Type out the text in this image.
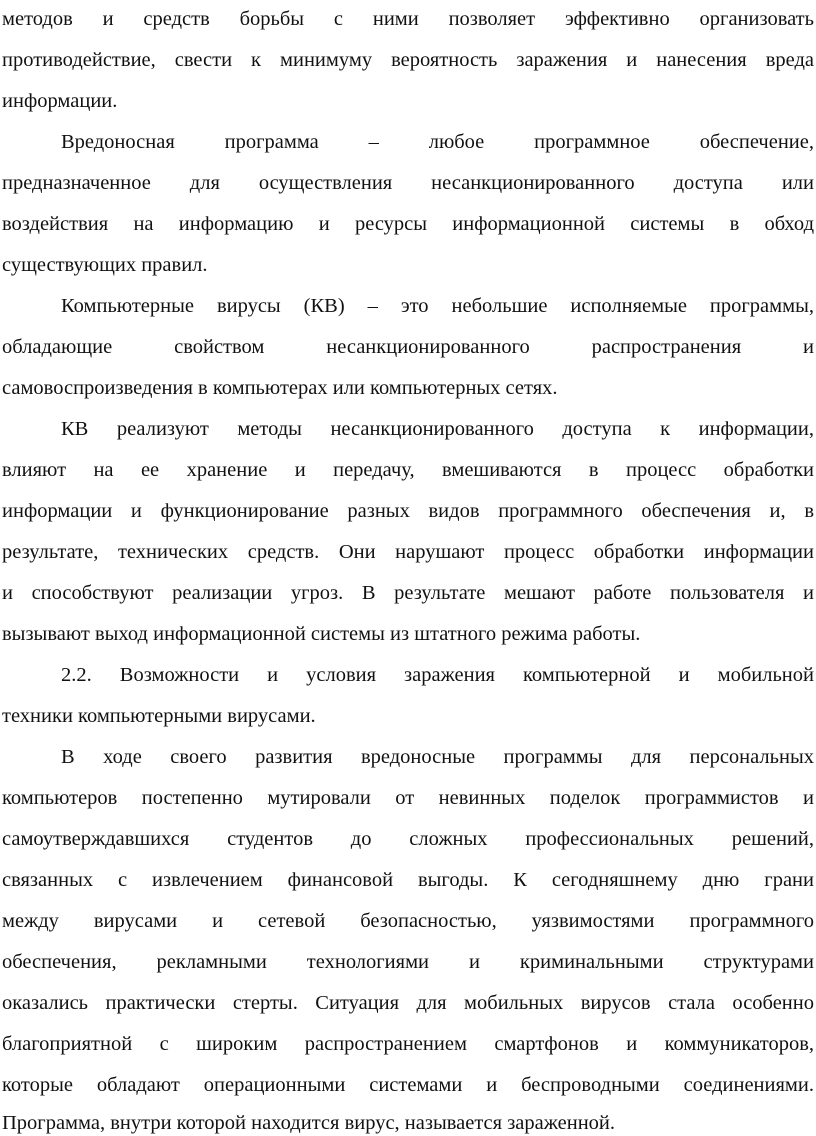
методов и средств борьбы с ними позволяет эффективно организовать
противодействие, свести к минимуму вероятность заражения и нанесения вреда
информации.
Вредоносная программа – любое программное обеспечение,
предназначенное для осуществления несанкционированного доступа или
воздействия на информацию и ресурсы информационной системы в обход
существующих правил.
Компьютерные вирусы (КВ) – это небольшие исполняемые программы,
обладающие свойством несанкционированного распространения и
самовоспроизведения в компьютерах или компьютерных сетях.
КВ реализуют методы несанкционированного доступа к информации,
влияют на ее хранение и передачу, вмешиваются в процесс обработки
информации и функционирование разных видов программного обеспечения и, в
результате, технических средств. Они нарушают процесс обработки информации
и способствуют реализации угроз. В результате мешают работе пользователя и
вызывают выход информационной системы из штатного режима работы.
2.2. Возможности и условия заражения компьютерной и мобильной
техники компьютерными вирусами.
В ходе своего развития вредоносные программы для персональных
компьютеров постепенно мутировали от невинных поделок программистов и
самоутверждавшихся студентов до сложных профессиональных решений,
связанных с извлечением финансовой выгоды. К сегодняшнему дню грани
между вирусами и сетевой безопасностью, уязвимостями программного
обеспечения, рекламными технологиями и криминальными структурами
оказались практически стерты. Ситуация для мобильных вирусов стала особенно
благоприятной с широким распространением смартфонов и коммуникаторов,
которые обладают операционными системами и беспроводными соединениями.
Программа, внутри которой находится вирус, называется зараженной.
